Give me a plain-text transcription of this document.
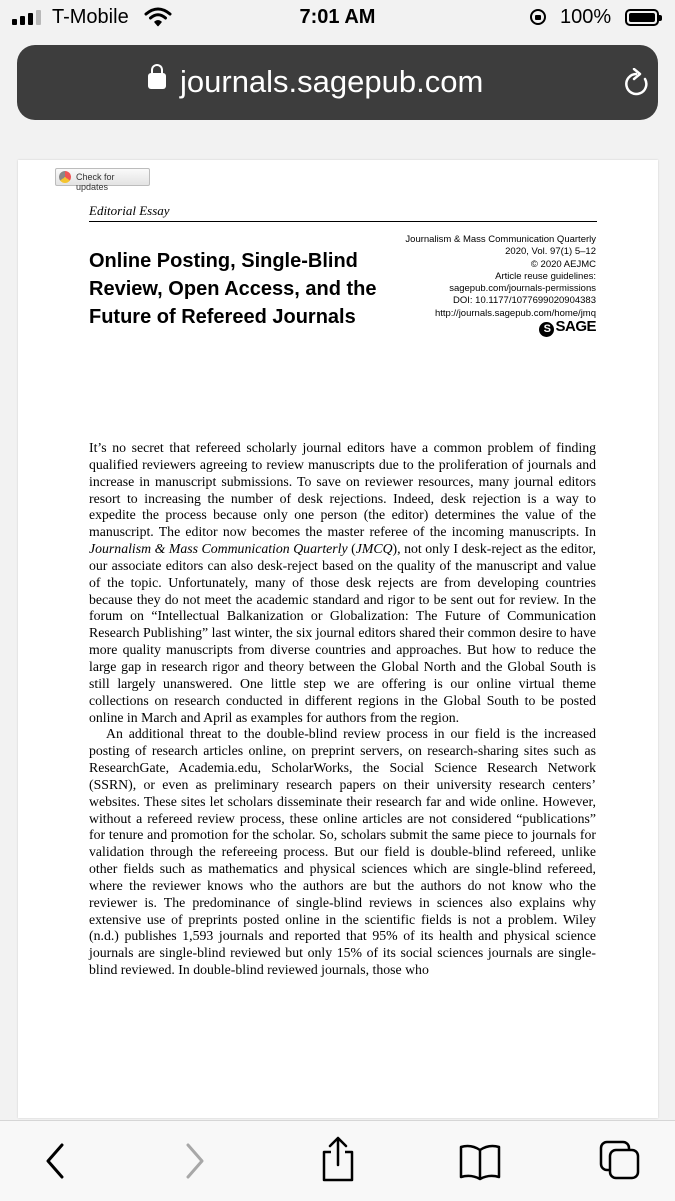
T-Mobile	7:01 AM	100%
journals.sagepub.com
Check for updates
Editorial Essay
Online Posting, Single-Blind Review, Open Access, and the Future of Refereed Journals
Journalism & Mass Communication Quarterly
2020, Vol. 97(1) 5–12
© 2020 AEJMC
Article reuse guidelines:
sagepub.com/journals-permissions
DOI: 10.1177/1077699020904383
http://journals.sagepub.com/home/jmq
S SAGE

It’s no secret that refereed scholarly journal editors have a common problem of finding qualified reviewers agreeing to review manuscripts due to the proliferation of journals and increase in manuscript submissions. To save on reviewer resources, many journal editors resort to increasing the number of desk rejections. Indeed, desk rejection is a way to expedite the process because only one person (the editor) determines the value of the manuscript. The editor now becomes the master referee of the incoming manuscripts. In Journalism & Mass Communication Quarterly (JMCQ), not only I desk-reject as the editor, our associate editors can also desk-reject based on the quality of the manuscript and value of the topic. Unfortunately, many of those desk rejects are from developing countries because they do not meet the academic standard and rigor to be sent out for review. In the forum on “Intellectual Balkanization or Globalization: The Future of Communication Research Publishing” last winter, the six journal editors shared their common desire to have more quality manuscripts from diverse countries and approaches. But how to reduce the large gap in research rigor and theory between the Global North and the Global South is still largely unanswered. One little step we are offering is our online virtual theme collections on research conducted in different regions in the Global South to be posted online in March and April as examples for authors from the region.

An additional threat to the double-blind review process in our field is the increased posting of research articles online, on preprint servers, on research-sharing sites such as ResearchGate, Academia.edu, ScholarWorks, the Social Science Research Network (SSRN), or even as preliminary research papers on their university research centers’ websites. These sites let scholars disseminate their research far and wide online. However, without a refereed review process, these online articles are not considered “publications” for tenure and promotion for the scholar. So, scholars submit the same piece to journals for validation through the refereeing process. But our field is double-blind refereed, unlike other fields such as mathematics and physical sciences which are single-blind refereed, where the reviewer knows who the authors are but the authors do not know who the reviewer is. The predominance of single-blind reviews in sciences also explains why extensive use of preprints posted online in the scientific fields is not a problem. Wiley (n.d.) publishes 1,593 journals and reported that 95% of its health and physical science journals are single-blind reviewed but only 15% of its social sciences journals are single-blind reviewed. In double-blind reviewed journals, those who
